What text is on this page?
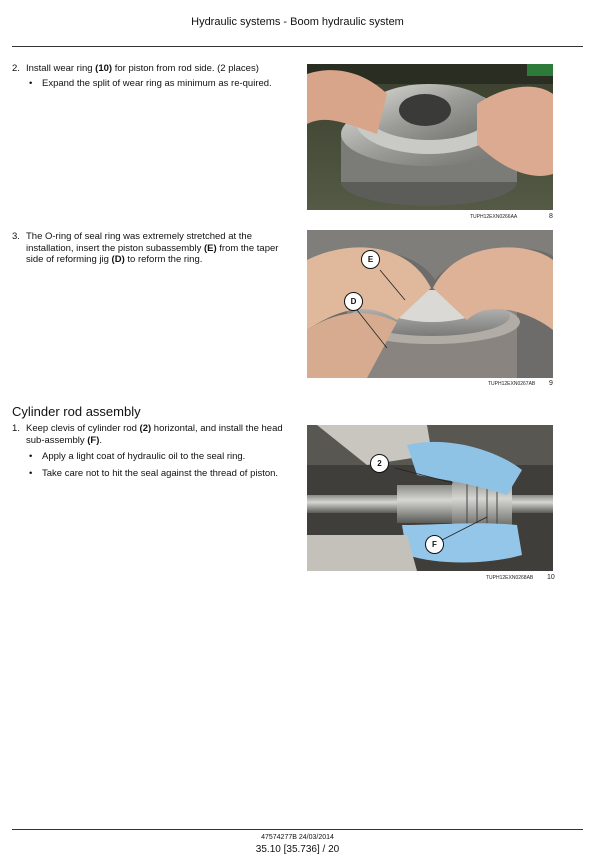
Hydraulic systems - Boom hydraulic system
2. Install wear ring (10) for piston from rod side. (2 places)
• Expand the split of wear ring as minimum as re-quired.
TUPH12EXN0266AA	8
3. The O-ring of seal ring was extremely stretched at the installation, insert the piston subassembly (E) from the taper side of reforming jig (D) to reform the ring.	E
D
TUPH12EXN0267AB 9
Cylinder rod assembly
1. Keep clevis of cylinder rod (2) horizontal, and install the head sub-assembly (F).
• Apply a light coat of hydraulic oil to the seal ring.
• Take care not to hit the seal against the thread of piston.
2
F
TUPH12EXN0268AB 10
47574277B 24/03/2014
35.10 [35.736] / 20
